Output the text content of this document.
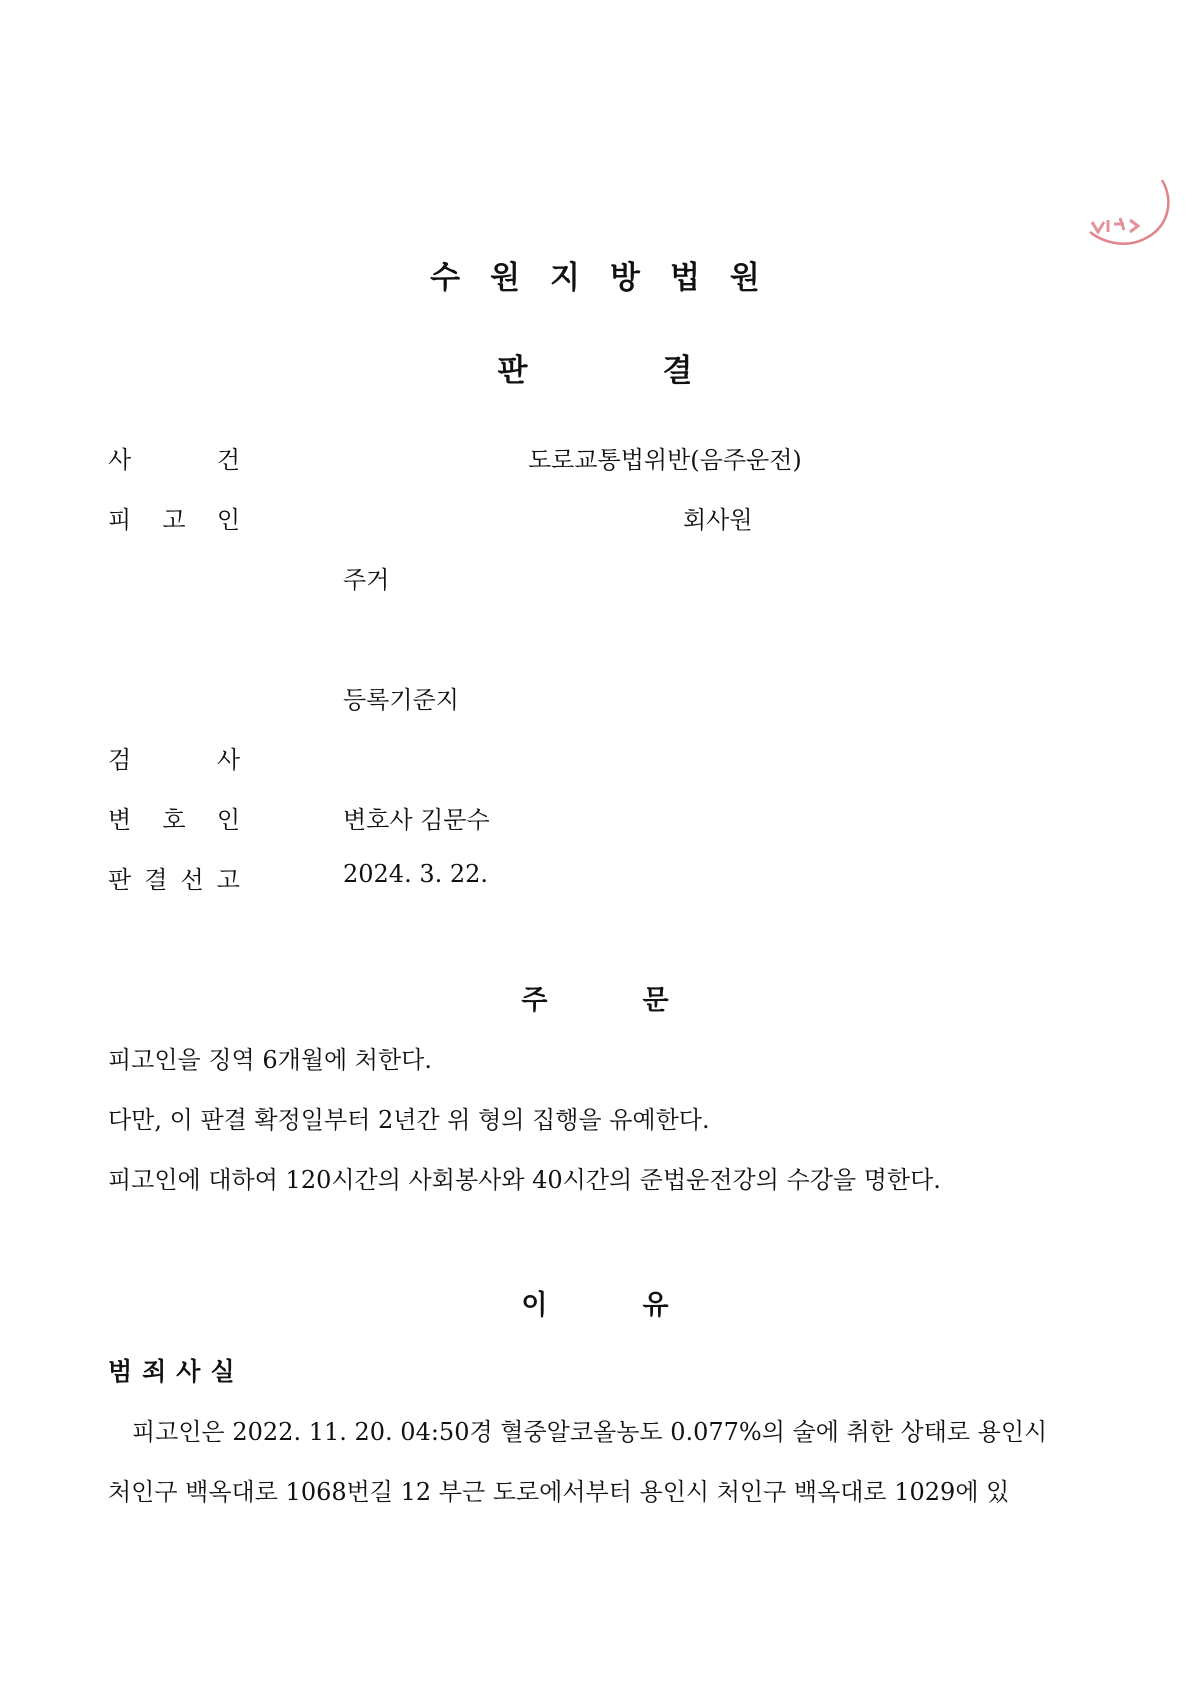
수원지방법원
판결
사	건	도로교통법위반(음주운전)
피 고 인	회사원
주거
등록기준지
검	사
변 호 인	변호사 김문수
판 결 선 고	2024. 3. 22.
주문
피고인을 징역 6개월에 처한다.
다만, 이 판결 확정일부터 2년간 위 형의 집행을 유예한다.
피고인에 대하여 120시간의 사회봉사와 40시간의 준법운전강의 수강을 명한다.
이유
범죄사실
피고인은 2022. 11. 20. 04:50경 혈중알코올농도 0.077%의 술에 취한 상태로 용인시
처인구 백옥대로 1068번길 12 부근 도로에서부터 용인시 처인구 백옥대로 1029에 있
